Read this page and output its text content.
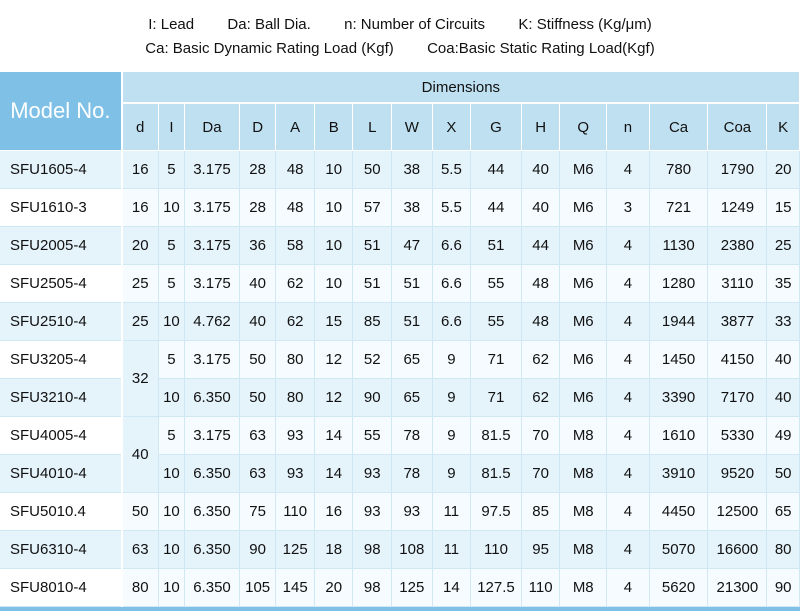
I: Lead        Da: Ball Dia.        n: Number of Circuits        K: Stiffness (Kg/μm)
Ca: Basic Dynamic Rating Load (Kgf)        Coa:Basic Static Rating Load(Kgf)
Model No.	Dimensions															
	d	I	Da	D	A	B	L	W	X	G	H	Q	n	Ca	Coa	K
SFU1605-4	16	5	3.175	28	48	10	50	38	5.5	44	40	M6	4	780	1790	20
SFU1610-3	16	10	3.175	28	48	10	57	38	5.5	44	40	M6	3	721	1249	15
SFU2005-4	20	5	3.175	36	58	10	51	47	6.6	51	44	M6	4	1130	2380	25
SFU2505-4	25	5	3.175	40	62	10	51	51	6.6	55	48	M6	4	1280	3110	35
SFU2510-4	25	10	4.762	40	62	15	85	51	6.6	55	48	M6	4	1944	3877	33
SFU3205-4	32	5	3.175	50	80	12	52	65	9	71	62	M6	4	1450	4150	40
SFU3210-4		10	6.350	50	80	12	90	65	9	71	62	M6	4	3390	7170	40
SFU4005-4	40	5	3.175	63	93	14	55	78	9	81.5	70	M8	4	1610	5330	49
SFU4010-4		10	6.350	63	93	14	93	78	9	81.5	70	M8	4	3910	9520	50
SFU5010.4	50	10	6.350	75	110	16	93	93	11	97.5	85	M8	4	4450	12500	65
SFU6310-4	63	10	6.350	90	125	18	98	108	11	110	95	M8	4	5070	16600	80
SFU8010-4	80	10	6.350	105	145	20	98	125	14	127.5	110	M8	4	5620	21300	90
